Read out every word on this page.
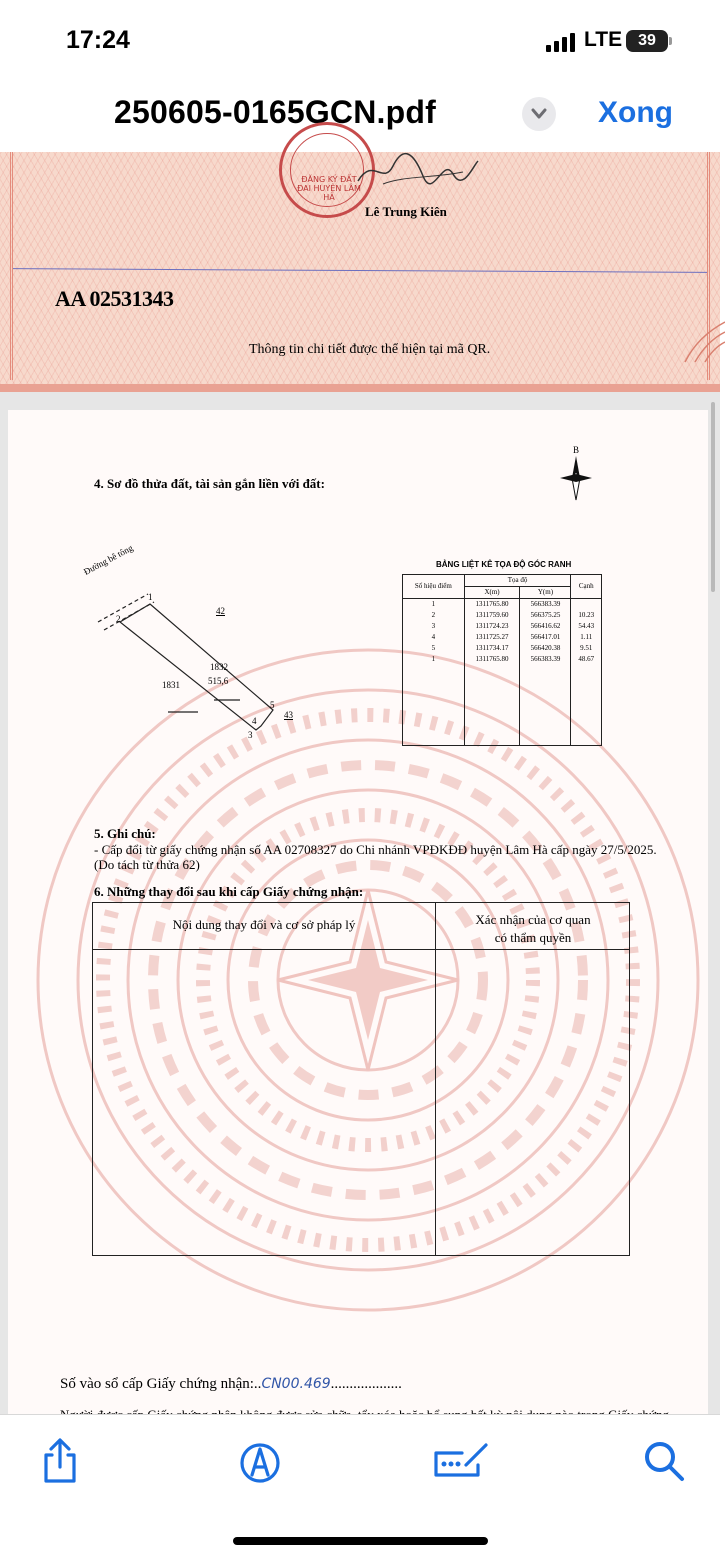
17:24	LTE 39
250605-0165GCN.pdf	Xong
ĐĂNG KÝ ĐẤT ĐAI HUYỆN LÂM HÀ
Lê Trung Kiên
AA 02531343
Thông tin chi tiết được thể hiện tại mã QR.
4. Sơ đồ thửa đất, tài sản gắn liền với đất:
B
Đường bê tông
1
2
3
4
5
42
1832
515,6
1831
43
BẢNG LIỆT KÊ TỌA ĐỘ GÓC RANH
Số hiệu điểm	Tọa độ		Cạnh
	X(m)	Y(m)	
1	1311765.80	566383.39	
2	1311759.60	566375.25	10.23
3	1311724.23	566416.62	54.43
4	1311725.27	566417.01	1.11
5	1311734.17	566420.38	9.51
1	1311765.80	566383.39	48.67

5. Ghi chú:
- Cấp đổi từ giấy chứng nhận số AA 02708327 do Chi nhánh VPĐKĐĐ huyện Lâm Hà cấp ngày 27/5/2025.(Do tách từ thửa 62)
6. Những thay đổi sau khi cấp Giấy chứng nhận:
Nội dung thay đổi và cơ sở pháp lý	Xác nhận của cơ quan
có thẩm quyền
Số vào sổ cấp Giấy chứng nhận:..CN00.469...................
